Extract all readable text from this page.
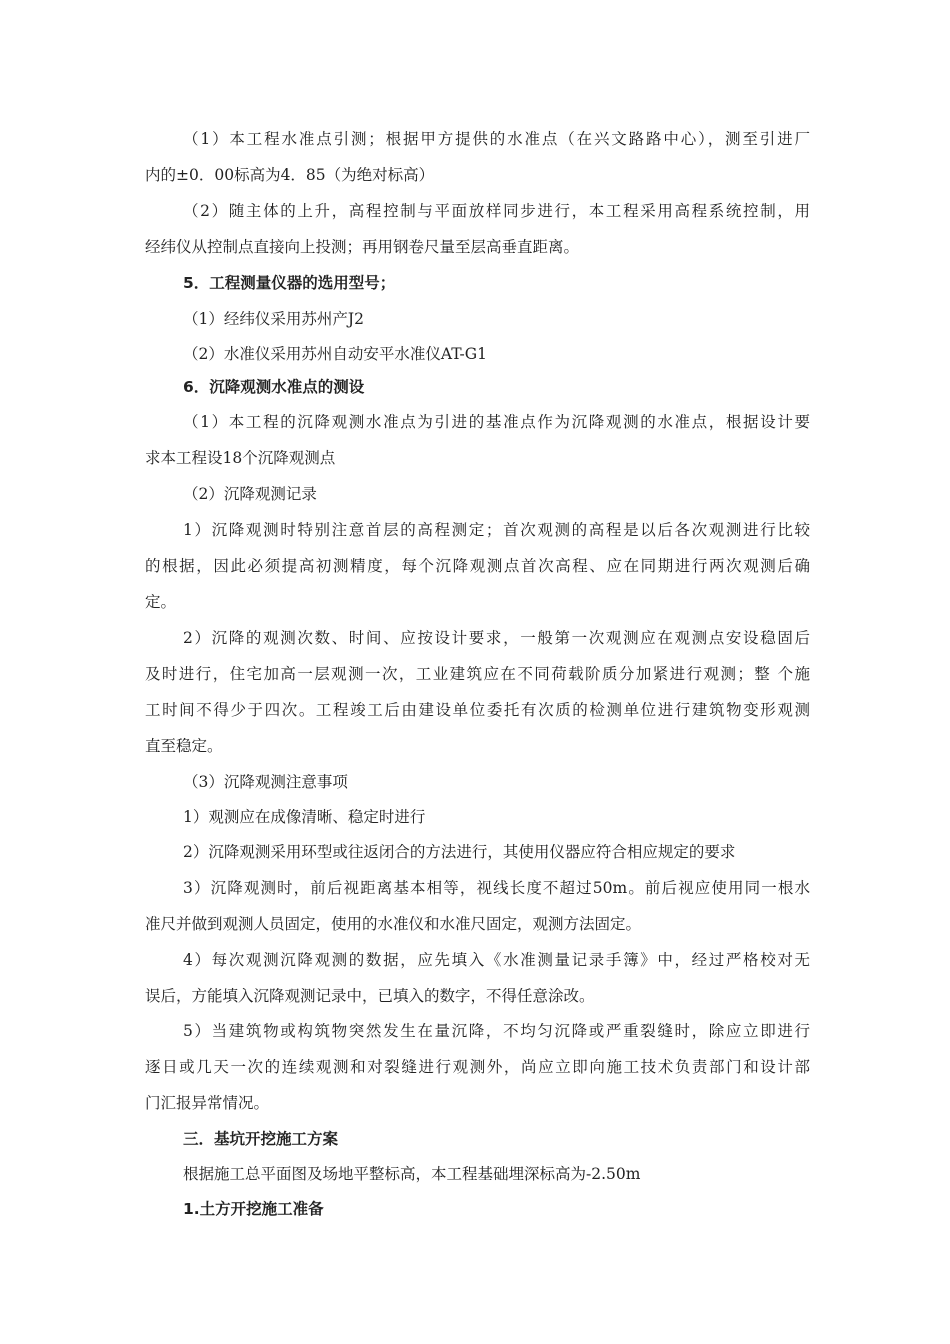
（1）本工程水准点引测；根据甲方提供的水准点（在兴文路路中心），测至引进厂
内的±0．00标高为4．85（为绝对标高）
（2）随主体的上升，高程控制与平面放样同步进行，本工程采用高程系统控制，用
经纬仪从控制点直接向上投测；再用钢卷尺量至层高垂直距离。
5．工程测量仪器的选用型号；
（1）经纬仪采用苏州产J2
（2）水准仪采用苏州自动安平水准仪AT-G1
6．沉降观测水准点的测设
（1）本工程的沉降观测水准点为引进的基准点作为沉降观测的水准点，根据设计要
求本工程设18个沉降观测点
（2）沉降观测记录
1）沉降观测时特别注意首层的高程测定；首次观测的高程是以后各次观测进行比较
的根据，因此必须提高初测精度，每个沉降观测点首次高程、应在同期进行两次观测后确
定。
2）沉降的观测次数、时间、应按设计要求，一般第一次观测应在观测点安设稳固后
及时进行，住宅加高一层观测一次，工业建筑应在不同荷载阶质分加紧进行观测；整 个施
工时间不得少于四次。工程竣工后由建设单位委托有次质的检测单位进行建筑物变形观测
直至稳定。
（3）沉降观测注意事项
1）观测应在成像清晰、稳定时进行
2）沉降观测采用环型或往返闭合的方法进行，其使用仪器应符合相应规定的要求
3）沉降观测时，前后视距离基本相等，视线长度不超过50m。前后视应使用同一根水
准尺并做到观测人员固定，使用的水准仪和水准尺固定，观测方法固定。
4）每次观测沉降观测的数据，应先填入《水准测量记录手簿》中，经过严格校对无
误后，方能填入沉降观测记录中，已填入的数字，不得任意涂改。
5）当建筑物或构筑物突然发生在量沉降，不均匀沉降或严重裂缝时，除应立即进行
逐日或几天一次的连续观测和对裂缝进行观测外，尚应立即向施工技术负责部门和设计部
门汇报异常情况。
三．基坑开挖施工方案
根据施工总平面图及场地平整标高，本工程基础埋深标高为-2.50m
1.土方开挖施工准备
